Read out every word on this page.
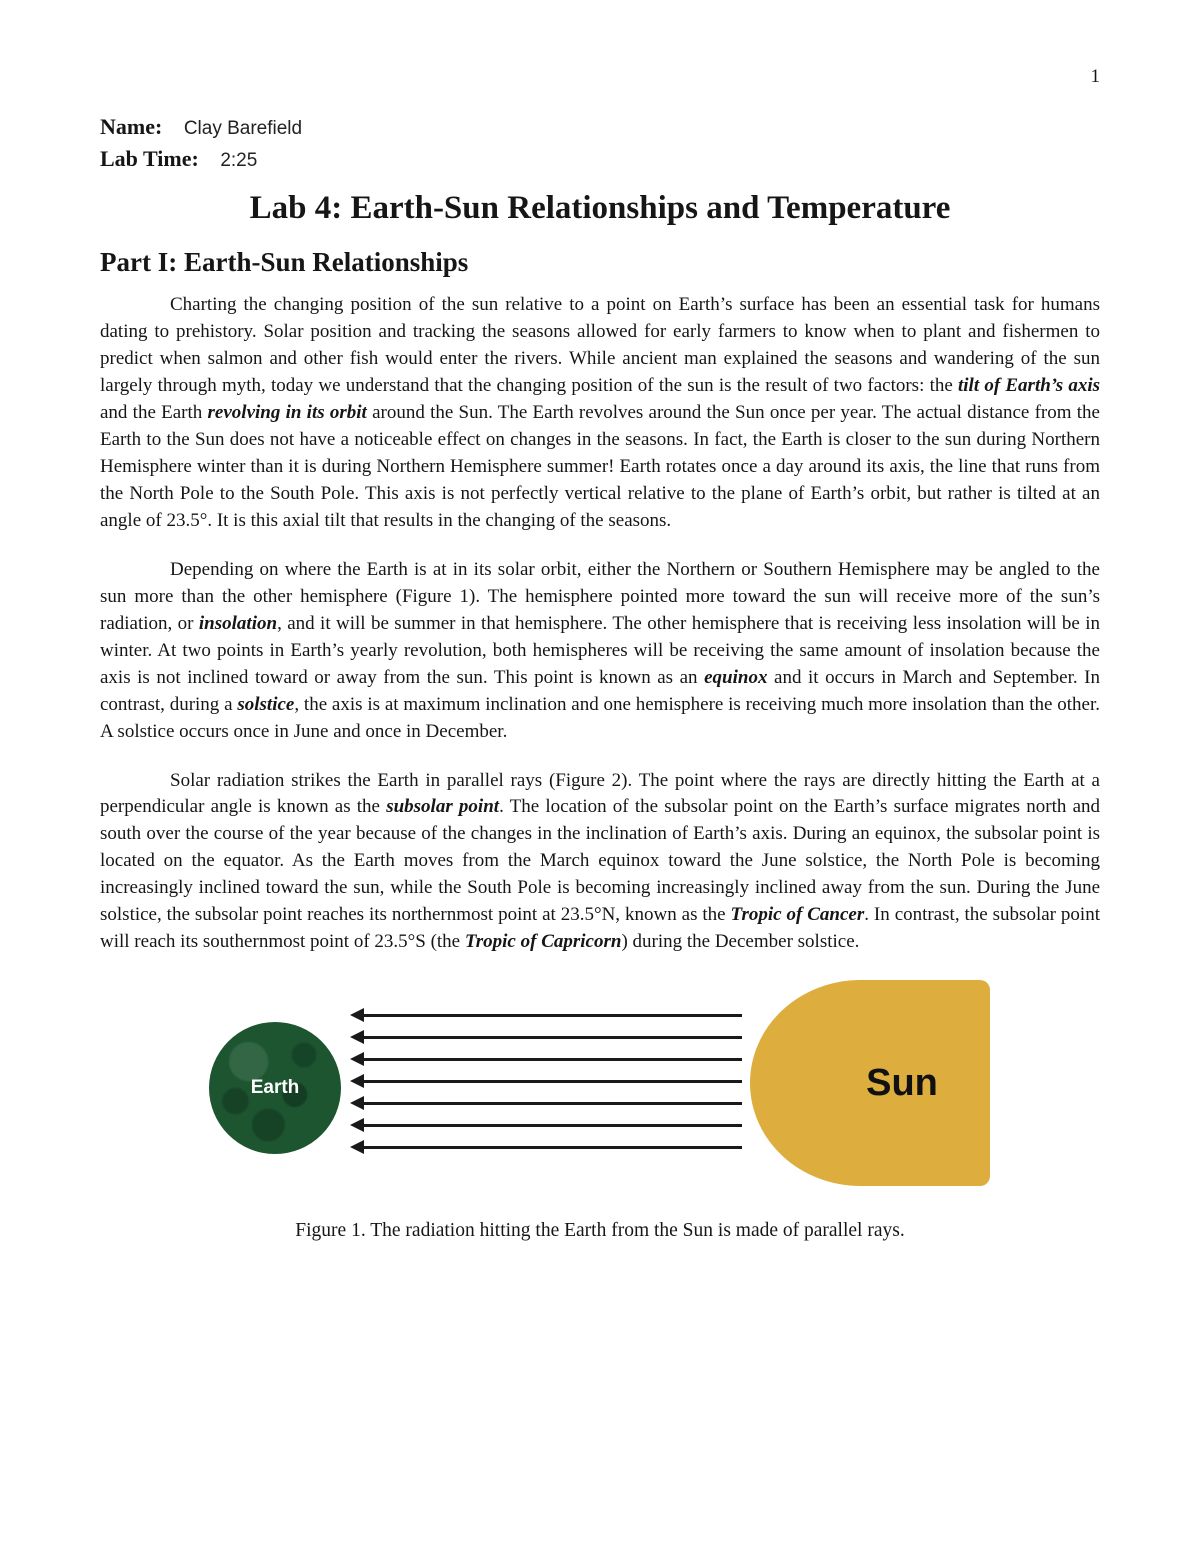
1
Name: Clay Barefield
Lab Time: 2:25
Lab 4: Earth-Sun Relationships and Temperature
Part I: Earth-Sun Relationships

Charting the changing position of the sun relative to a point on Earth’s surface has been an essential task for humans dating to prehistory. Solar position and tracking the seasons allowed for early farmers to know when to plant and fishermen to predict when salmon and other fish would enter the rivers. While ancient man explained the seasons and wandering of the sun largely through myth, today we understand that the changing position of the sun is the result of two factors: the tilt of Earth’s axis and the Earth revolving in its orbit around the Sun. The Earth revolves around the Sun once per year. The actual distance from the Earth to the Sun does not have a noticeable effect on changes in the seasons. In fact, the Earth is closer to the sun during Northern Hemisphere winter than it is during Northern Hemisphere summer! Earth rotates once a day around its axis, the line that runs from the North Pole to the South Pole. This axis is not perfectly vertical relative to the plane of Earth’s orbit, but rather is tilted at an angle of 23.5°. It is this axial tilt that results in the changing of the seasons.

Depending on where the Earth is at in its solar orbit, either the Northern or Southern Hemisphere may be angled to the sun more than the other hemisphere (Figure 1). The hemisphere pointed more toward the sun will receive more of the sun’s radiation, or insolation, and it will be summer in that hemisphere. The other hemisphere that is receiving less insolation will be in winter. At two points in Earth’s yearly revolution, both hemispheres will be receiving the same amount of insolation because the axis is not inclined toward or away from the sun. This point is known as an equinox and it occurs in March and September. In contrast, during a solstice, the axis is at maximum inclination and one hemisphere is receiving much more insolation than the other. A solstice occurs once in June and once in December.

Solar radiation strikes the Earth in parallel rays (Figure 2). The point where the rays are directly hitting the Earth at a perpendicular angle is known as the subsolar point. The location of the subsolar point on the Earth’s surface migrates north and south over the course of the year because of the changes in the inclination of Earth’s axis. During an equinox, the subsolar point is located on the equator. As the Earth moves from the March equinox toward the June solstice, the North Pole is becoming increasingly inclined toward the sun, while the South Pole is becoming increasingly inclined away from the sun. During the June solstice, the subsolar point reaches its northernmost point at 23.5°N, known as the Tropic of Cancer. In contrast, the subsolar point will reach its southernmost point of 23.5°S (the Tropic of Capricorn) during the December solstice.

Earth	Sun
Figure 1. The radiation hitting the Earth from the Sun is made of parallel rays.
